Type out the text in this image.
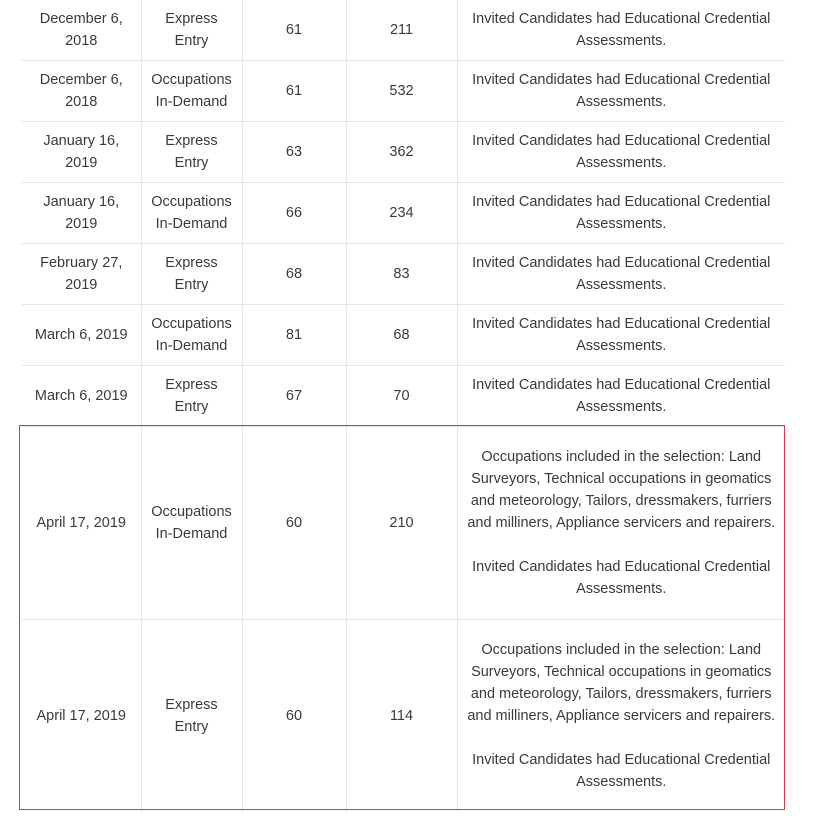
December 6, 2018	Express Entry	61	211	Invited Candidates had Educational Credential Assessments.

December 6, 2018	Occupations In-Demand	61	532	Invited Candidates had Educational Credential Assessments.

January 16, 2019	Express Entry	63	362	Invited Candidates had Educational Credential Assessments.

January 16, 2019	Occupations In-Demand	66	234	Invited Candidates had Educational Credential Assessments.

February 27, 2019	Express Entry	68	83	Invited Candidates had Educational Credential Assessments.

March 6, 2019	Occupations In-Demand	81	68	Invited Candidates had Educational Credential Assessments.

March 6, 2019	Express Entry	67	70	Invited Candidates had Educational Credential Assessments.

April 17, 2019	Occupations In-Demand	60	210	Occupations included in the selection: Land Surveyors, Technical occupations in geomatics and meteorology, Tailors, dressmakers, furriers and milliners, Appliance servicers and repairers.
Invited Candidates had Educational Credential Assessments.

April 17, 2019	Express Entry	60	114	Occupations included in the selection: Land Surveyors, Technical occupations in geomatics and meteorology, Tailors, dressmakers, furriers and milliners, Appliance servicers and repairers.
Invited Candidates had Educational Credential Assessments.
